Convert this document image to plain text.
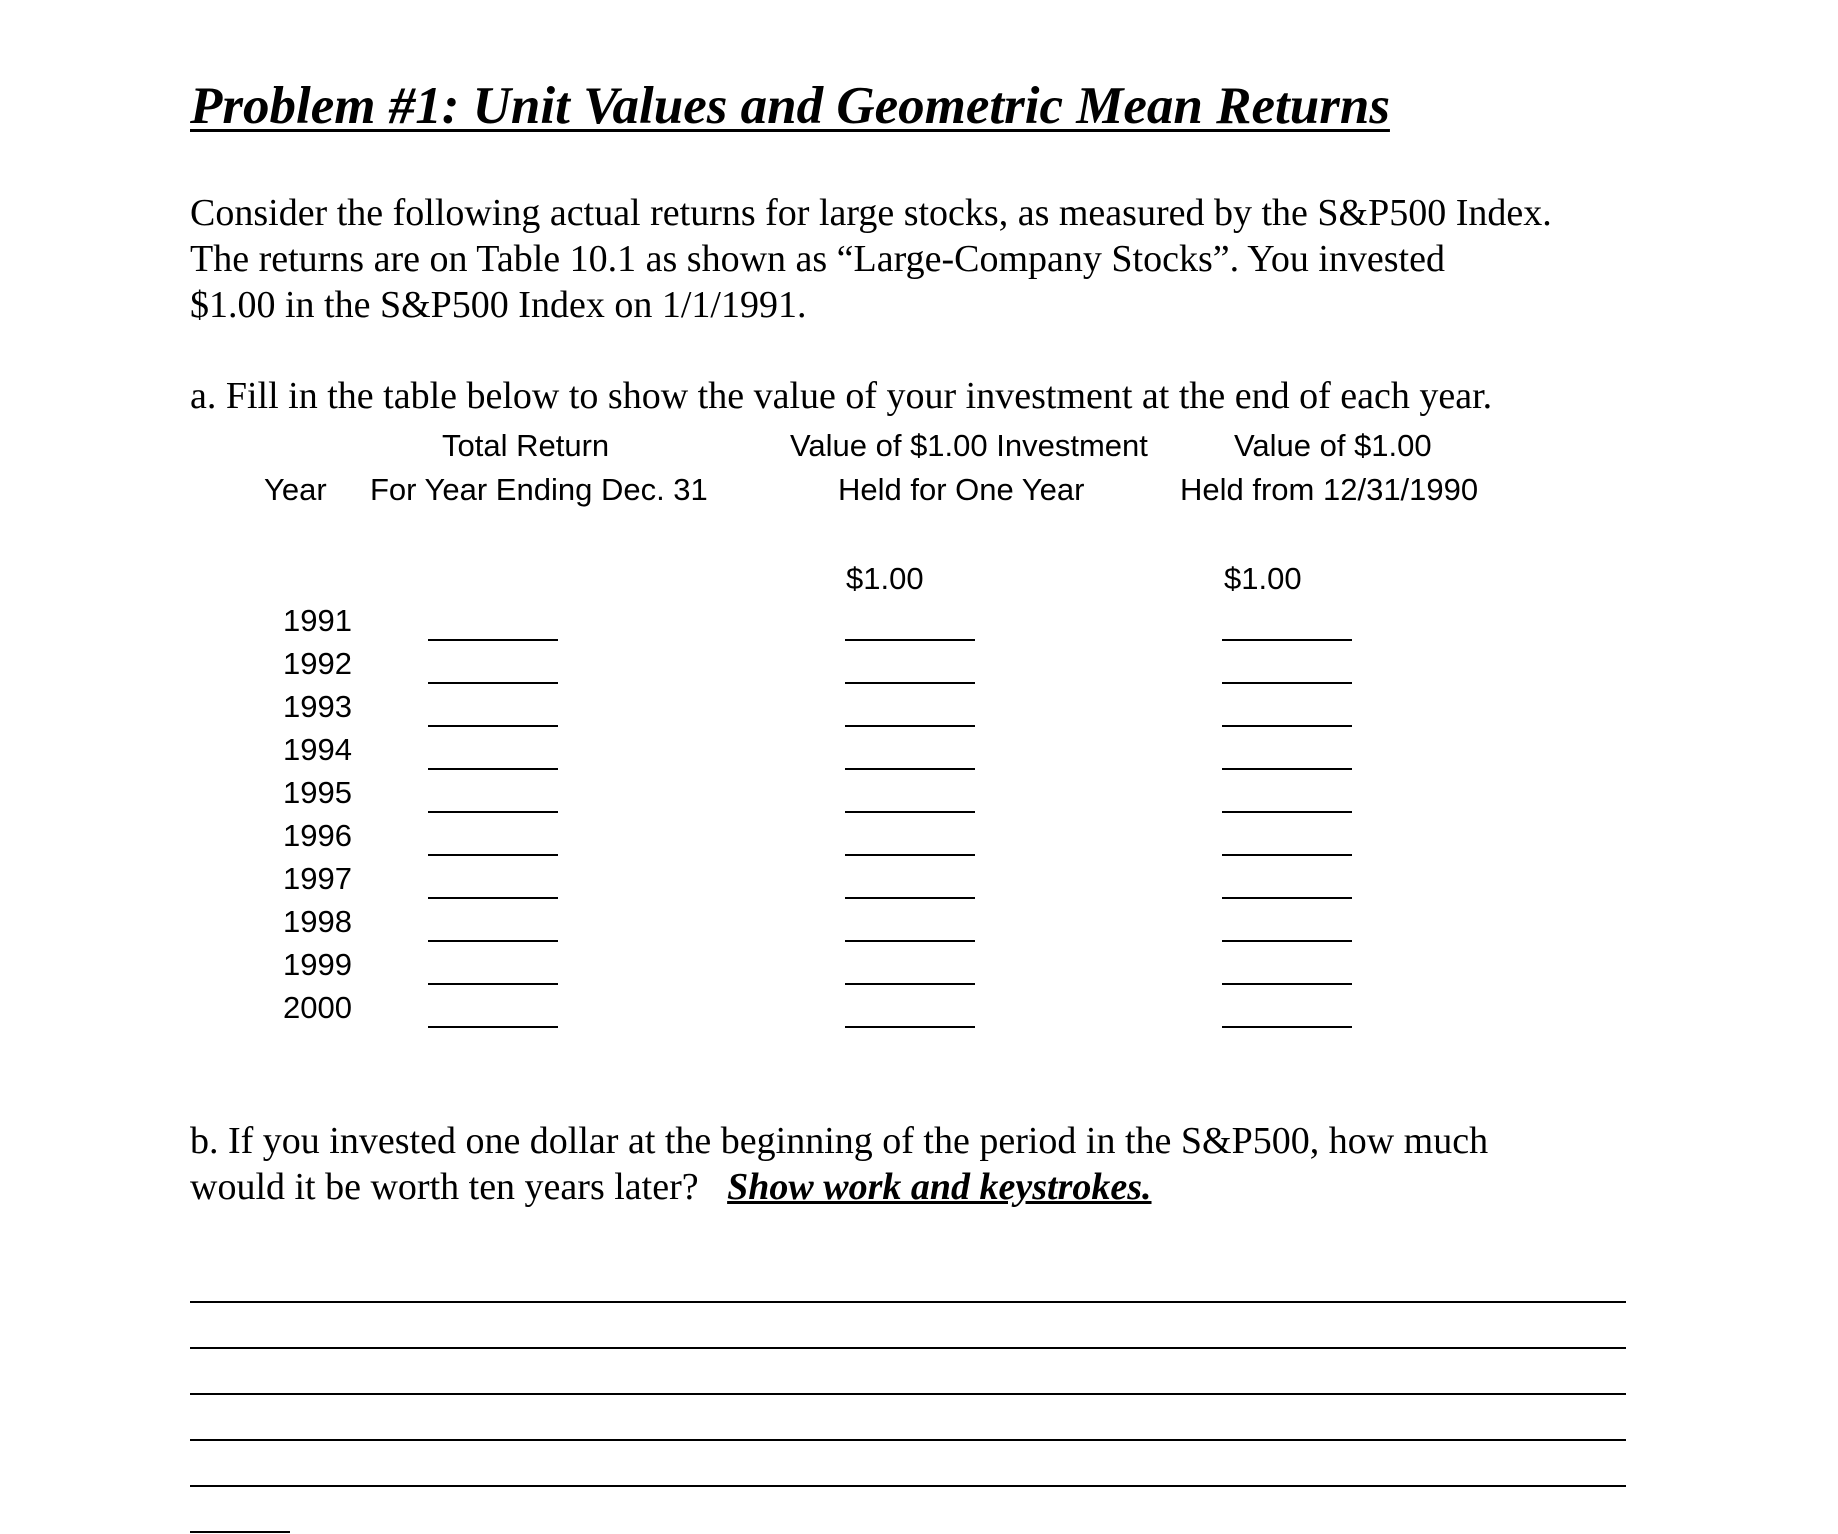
Problem #1: Unit Values and Geometric Mean Returns
Consider the following actual returns for large stocks, as measured by the S&P500 Index.
The returns are on Table 10.1 as shown as “Large-Company Stocks”. You invested
$1.00 in the S&P500 Index on 1/1/1991.
a. Fill in the table below to show the value of your investment at the end of each year.
Total Return
Year For Year Ending Dec. 31
Value of $1.00 Investment
Held for One Year
Value of $1.00
Held from 12/31/1990
$1.00	$1.00
1991
1992
1993
1994
1995
1996
1997
1998
1999
2000
b. If you invested one dollar at the beginning of the period in the S&P500, how much
would it be worth ten years later?   Show work and keystrokes.
